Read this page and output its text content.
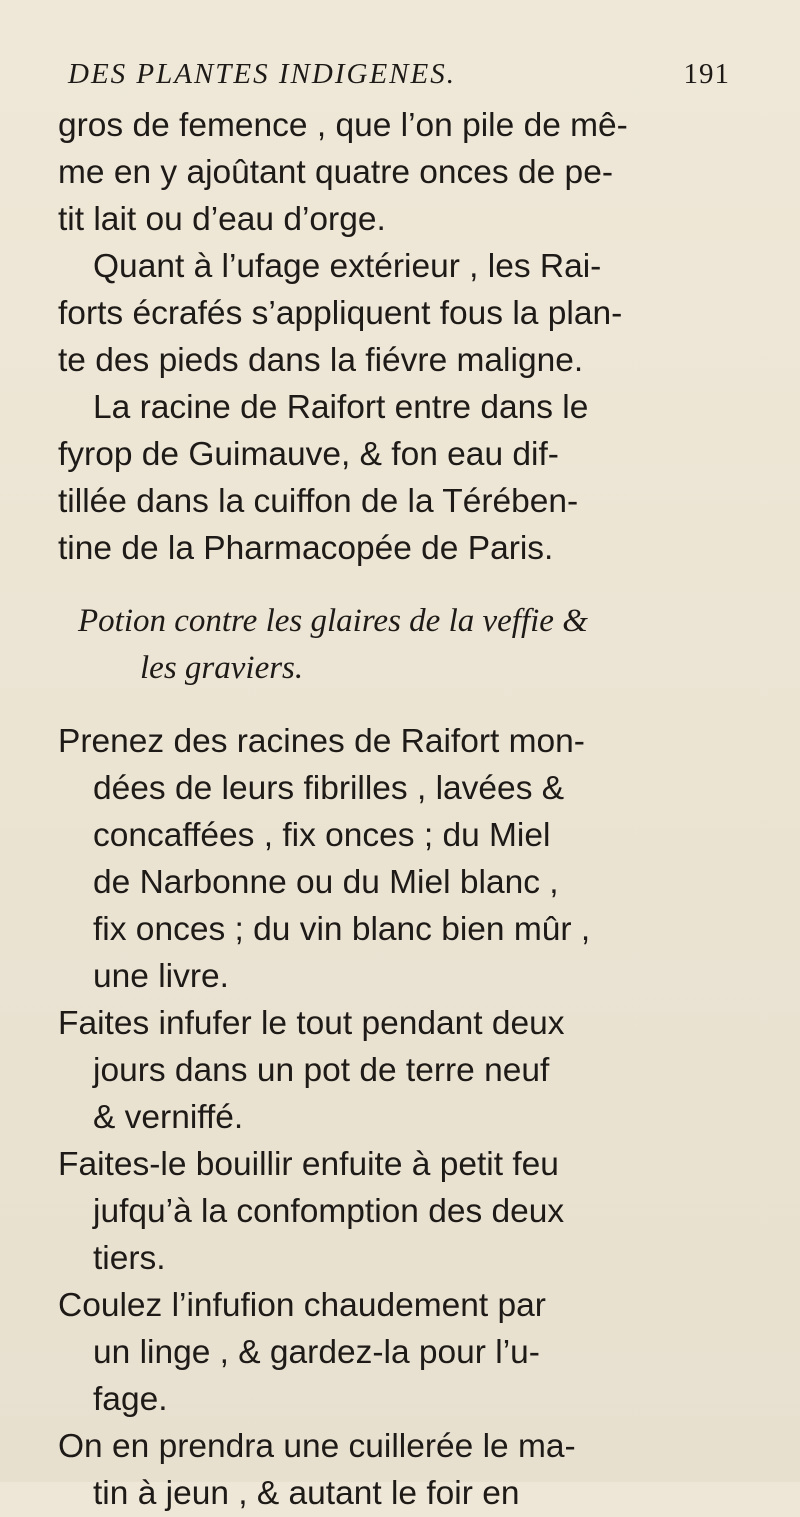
DES PLANTES INDIGENES.	191
gros de femence , que l’on pile de mê-
me en y ajoûtant quatre onces de pe-
tit lait ou d’eau d’orge.
Quant à l’ufage extérieur , les Rai-
forts écrafés s’appliquent fous la plan-
te des pieds dans la fiévre maligne.
La racine de Raifort entre dans le
fyrop de Guimauve, & fon eau dif-
tillée dans la cuiffon de la Térében-
tine de la Pharmacopée de Paris.
Potion contre les glaires de la veffie &
les graviers.
Prenez des racines de Raifort mon-
dées de leurs fibrilles , lavées &
concaffées , fix onces ; du Miel
de Narbonne ou du Miel blanc ,
fix onces ; du vin blanc bien mûr ,
une livre.
Faites infufer le tout pendant deux
jours dans un pot de terre neuf
& verniffé.
Faites-le bouillir enfuite à petit feu
jufqu’à la confomption des deux
tiers.
Coulez l’infufion chaudement par
un linge , & gardez-la pour l’u-
fage.
On en prendra une cuillerée le ma-
tin à jeun , & autant le foir en
